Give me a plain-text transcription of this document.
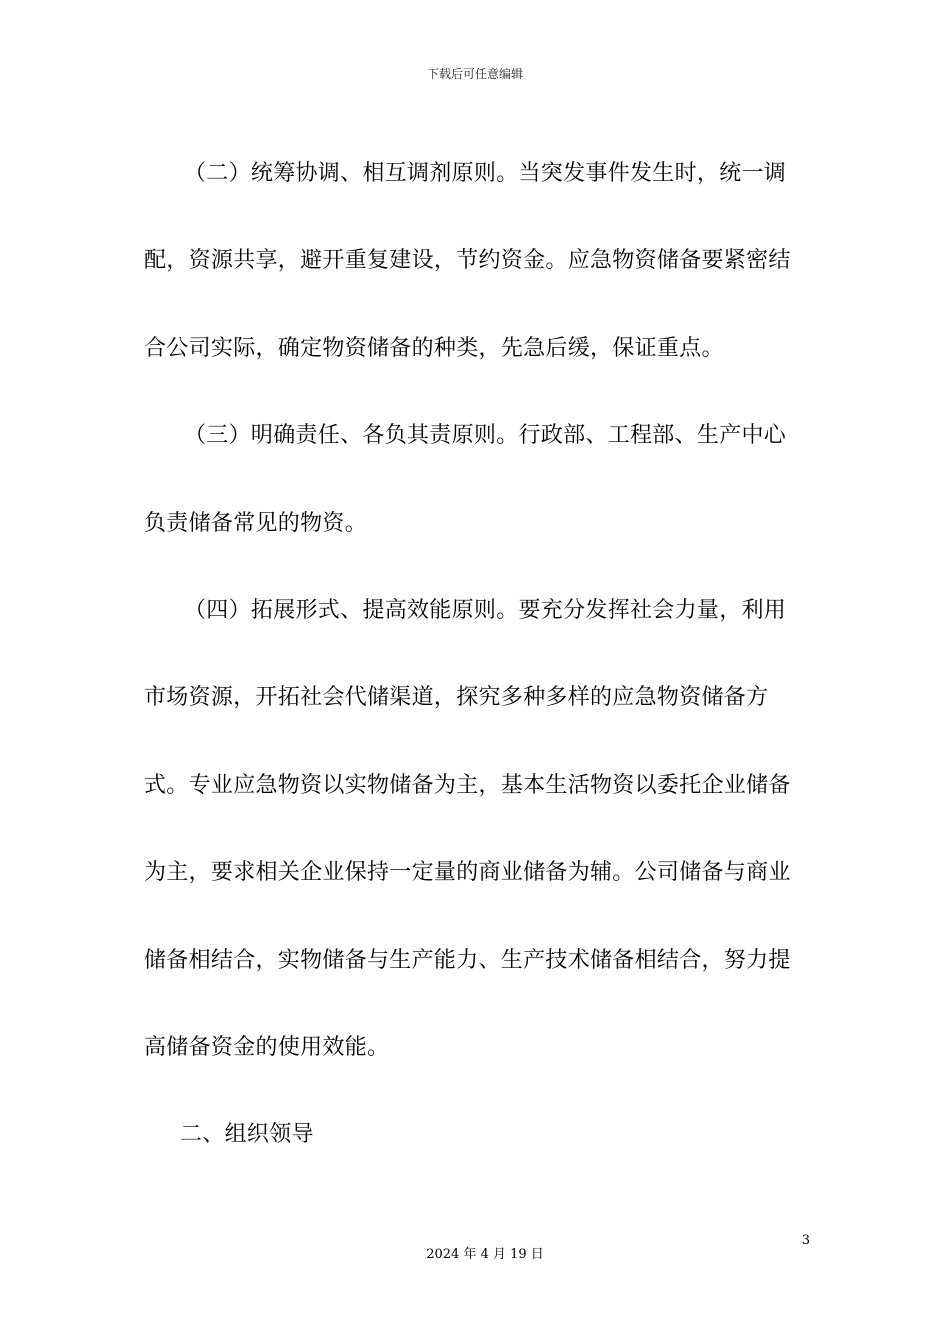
下载后可任意编辑

（二）统筹协调、相互调剂原则。当突发事件发生时，统一调配，资源共享，避开重复建设，节约资金。应急物资储备要紧密结合公司实际，确定物资储备的种类，先急后缓，保证重点。

（三）明确责任、各负其责原则。行政部、工程部、生产中心负责储备常见的物资。

（四）拓展形式、提高效能原则。要充分发挥社会力量，利用市场资源，开拓社会代储渠道，探究多种多样的应急物资储备方式。专业应急物资以实物储备为主，基本生活物资以委托企业储备为主，要求相关企业保持一定量的商业储备为辅。公司储备与商业储备相结合，实物储备与生产能力、生产技术储备相结合，努力提高储备资金的使用效能。

二、组织领导

3
2024 年 4 月 19 日
